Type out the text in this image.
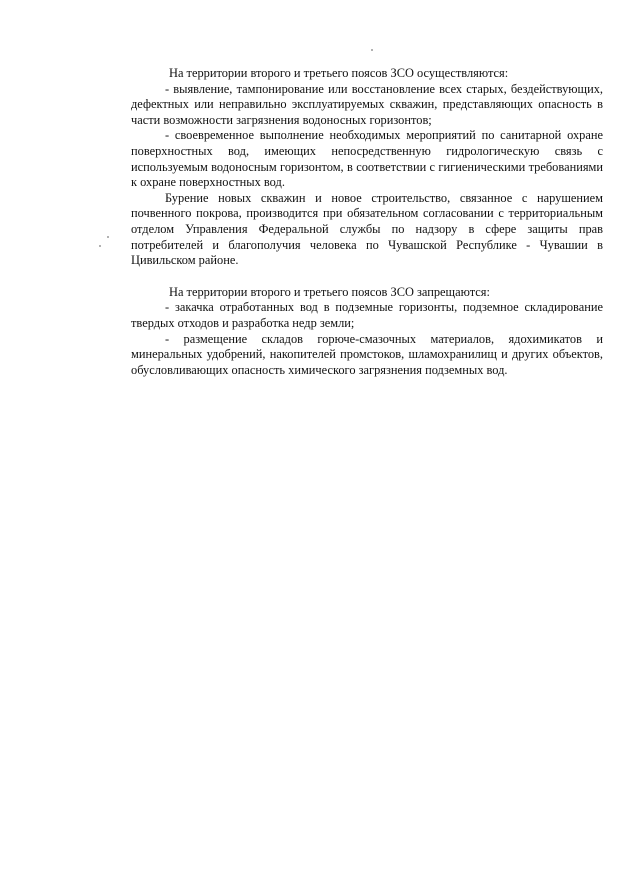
На территории второго и третьего поясов ЗСО осуществляются:

- выявление, тампонирование или восстановление всех старых, бездействующих, дефектных или неправильно эксплуатируемых скважин, представляющих опасность в части возможности загрязнения водоносных горизонтов;

- своевременное выполнение необходимых мероприятий по санитарной охране поверхностных вод, имеющих непосредственную гидрологическую связь с используемым водоносным горизонтом, в соответствии с гигиеническими требованиями к охране поверхностных вод.

Бурение новых скважин и новое строительство, связанное с нарушением почвенного покрова, производится при обязательном согласовании с территориальным отделом Управления Федеральной службы по надзору в сфере защиты прав потребителей и благополучия человека по Чувашской Республике - Чувашии в Цивильском районе.

На территории второго и третьего поясов ЗСО запрещаются:

- закачка отработанных вод в подземные горизонты, подземное складирование твердых отходов и разработка недр земли;

- размещение складов горюче-смазочных материалов, ядохимикатов и минеральных удобрений, накопителей промстоков, шламохранилищ и других объектов, обусловливающих опасность химического загрязнения подземных вод.
